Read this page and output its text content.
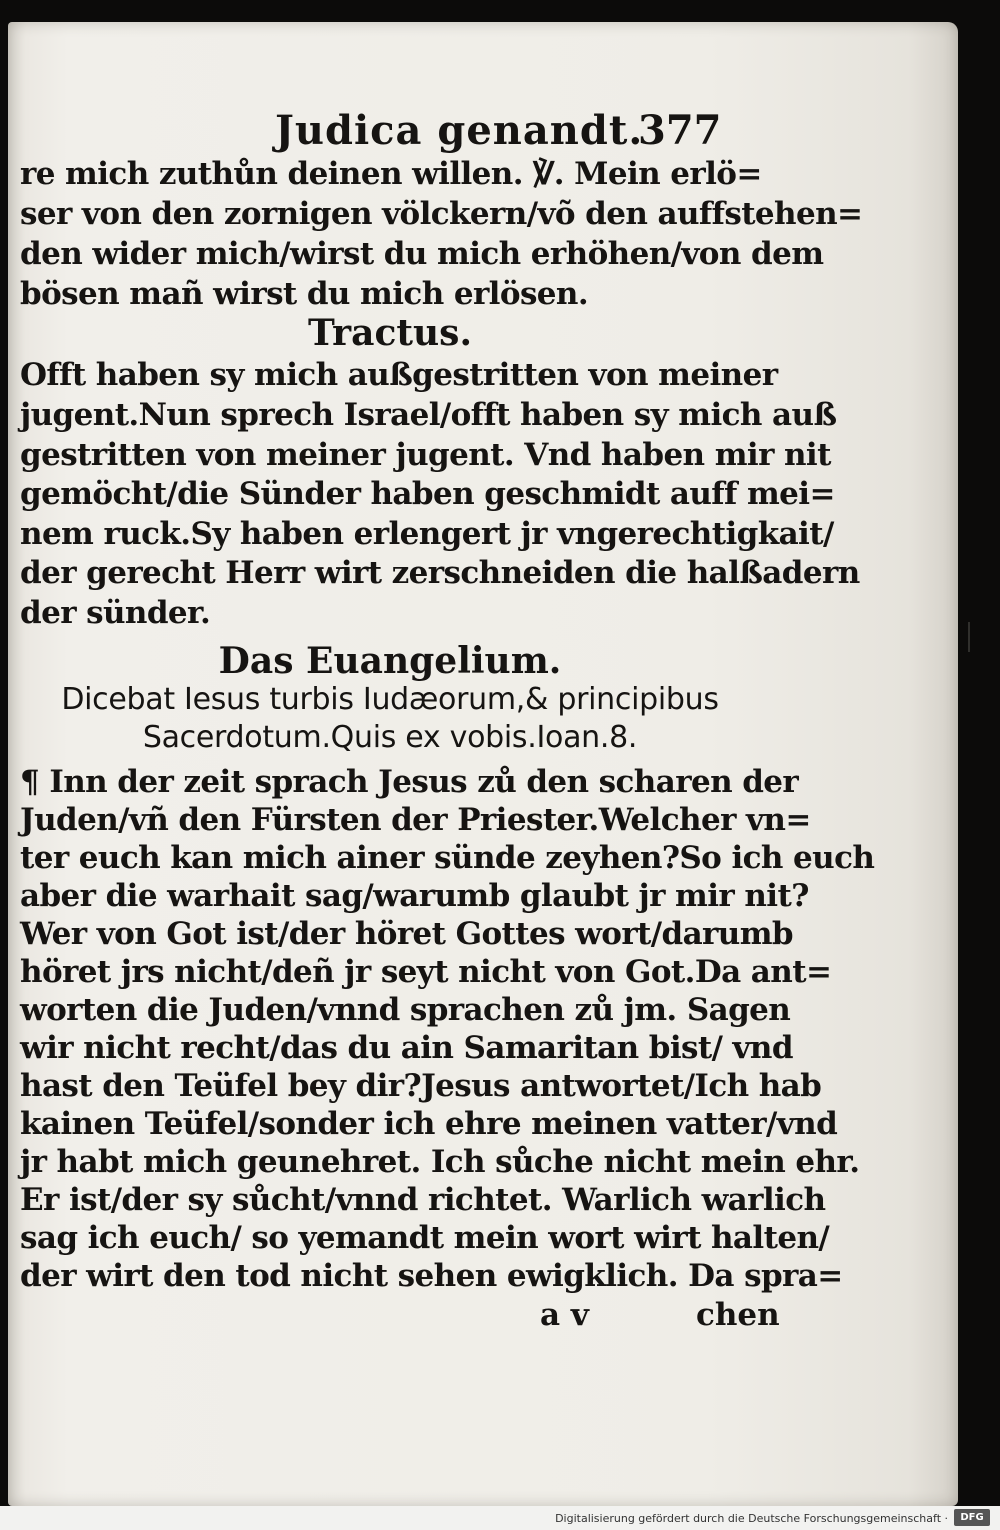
Judica genandt.
377
re mich zuthůn deinen willen. ℣. Mein erlö=
ser von den zornigen völckern/võ den auffstehen=
den wider mich/wirst du mich erhöhen/von dem
bösen mañ wirst du mich erlösen.
Tractus.
Offt haben sy mich außgestritten von meiner
jugent.Nun sprech Israel/offt haben sy mich auß
gestritten von meiner jugent. Vnd haben mir nit
gemöcht/die Sünder haben geschmidt auff mei=
nem ruck.Sy haben erlengert jr vngerechtigkait/
der gerecht Herr wirt zerschneiden die halßadern
der sünder.
Das Euangelium.
Dicebat Iesus turbis Iudæorum,& principibus
Sacerdotum.Quis ex vobis.Ioan.8.
¶ Inn der zeit sprach Jesus zů den scharen der
Juden/vñ den Fürsten der Priester.Welcher vn=
ter euch kan mich ainer sünde zeyhen?So ich euch
aber die warhait sag/warumb glaubt jr mir nit?
Wer von Got ist/der höret Gottes wort/darumb
höret jrs nicht/deñ jr seyt nicht von Got.Da ant=
worten die Juden/vnnd sprachen zů jm. Sagen
wir nicht recht/das du ain Samaritan bist/ vnd
hast den Teüfel bey dir?Jesus antwortet/Ich hab
kainen Teüfel/sonder ich ehre meinen vatter/vnd
jr habt mich geunehret. Ich sůche nicht mein ehr.
Er ist/der sy sůcht/vnnd richtet. Warlich warlich
sag ich euch/ so yemandt mein wort wirt halten/
der wirt den tod nicht sehen ewigklich. Da spra=
a v	chen
Digitalisierung gefördert durch die Deutsche Forschungsgemeinschaft ·	DFG
